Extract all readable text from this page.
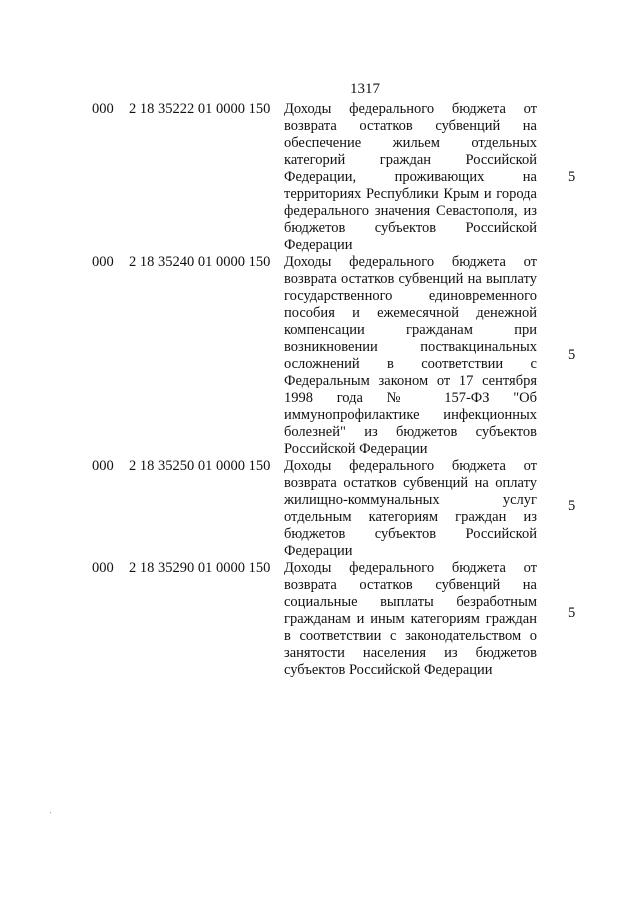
1317
000 2 18 35222 01 0000 150 Доходы федерального бюджета от возврата остатков субвенций на обеспечение жильем отдельных категорий граждан Российской Федерации, проживающих на территориях Республики Крым и города федерального значения Севастополя, из бюджетов субъектов Российской Федерации
5
000 2 18 35240 01 0000 150 Доходы федерального бюджета от возврата остатков субвенций на выплату государственного единовременного пособия и ежемесячной денежной компенсации гражданам при возникновении поствакцинальных осложнений в соответствии с Федеральным законом от 17 сентября 1998 года № 157-ФЗ "Об иммунопрофилактике инфекционных болезней" из бюджетов субъектов Российской Федерации
5
000 2 18 35250 01 0000 150 Доходы федерального бюджета от возврата остатков субвенций на оплату жилищно-коммунальных услуг отдельным категориям граждан из бюджетов субъектов Российской Федерации
5
000 2 18 35290 01 0000 150 Доходы федерального бюджета от возврата остатков субвенций на социальные выплаты безработным гражданам и иным категориям граждан в соответствии с законодательством о занятости населения из бюджетов субъектов Российской Федерации
5
'
